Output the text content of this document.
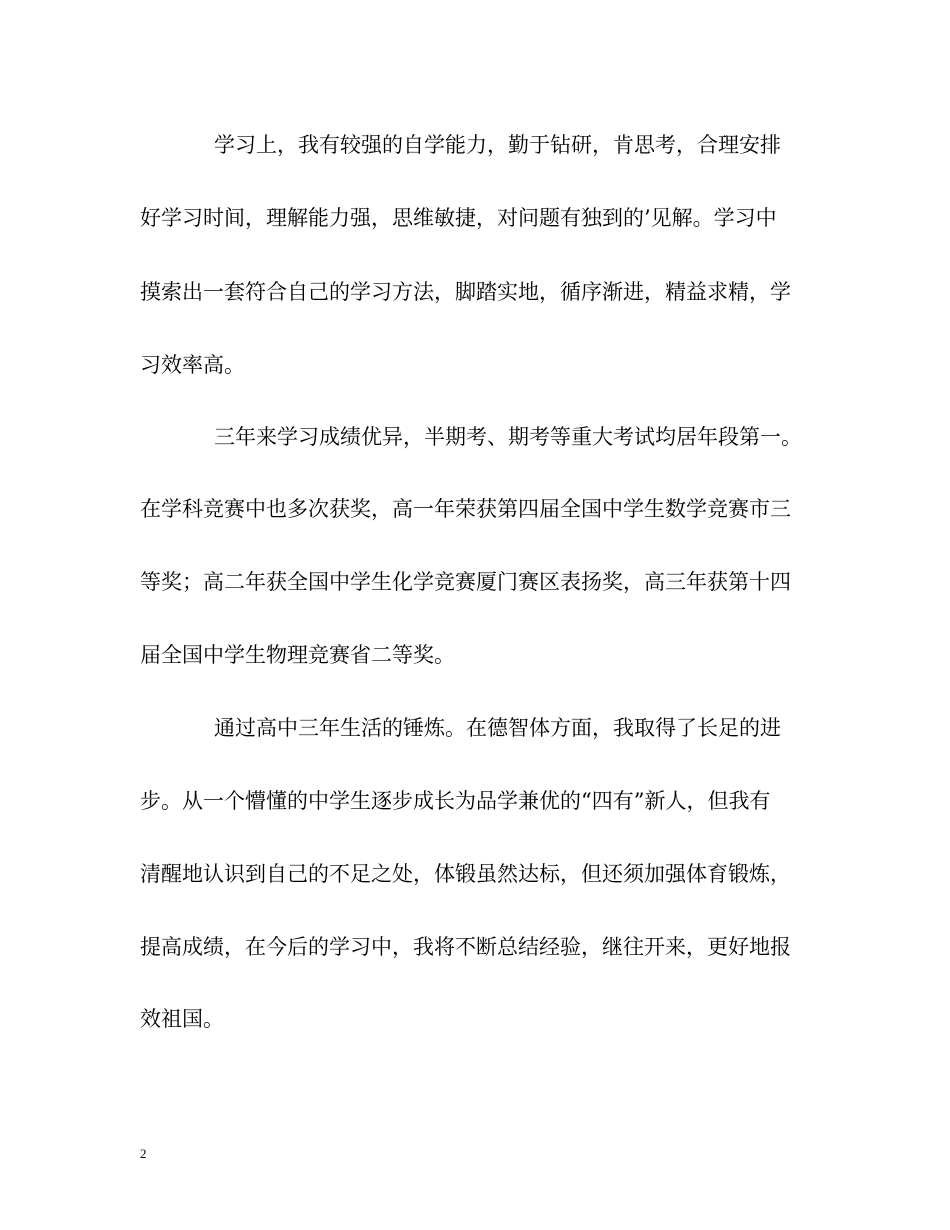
学习上，我有较强的自学能力，勤于钻研，肯思考，合理安排
好学习时间，理解能力强，思维敏捷，对问题有独到的’见解。学习中
摸索出一套符合自己的学习方法，脚踏实地，循序渐进，精益求精，学
习效率高。
三年来学习成绩优异，半期考、期考等重大考试均居年段第一。
在学科竞赛中也多次获奖，高一年荣获第四届全国中学生数学竞赛市三
等奖；高二年获全国中学生化学竞赛厦门赛区表扬奖，高三年获第十四
届全国中学生物理竞赛省二等奖。
通过高中三年生活的锤炼。在德智体方面，我取得了长足的进
步。从一个懵懂的中学生逐步成长为品学兼优的“四有”新人，但我有
清醒地认识到自己的不足之处，体锻虽然达标，但还须加强体育锻炼，
提高成绩，在今后的学习中，我将不断总结经验，继往开来，更好地报
效祖国。
2
